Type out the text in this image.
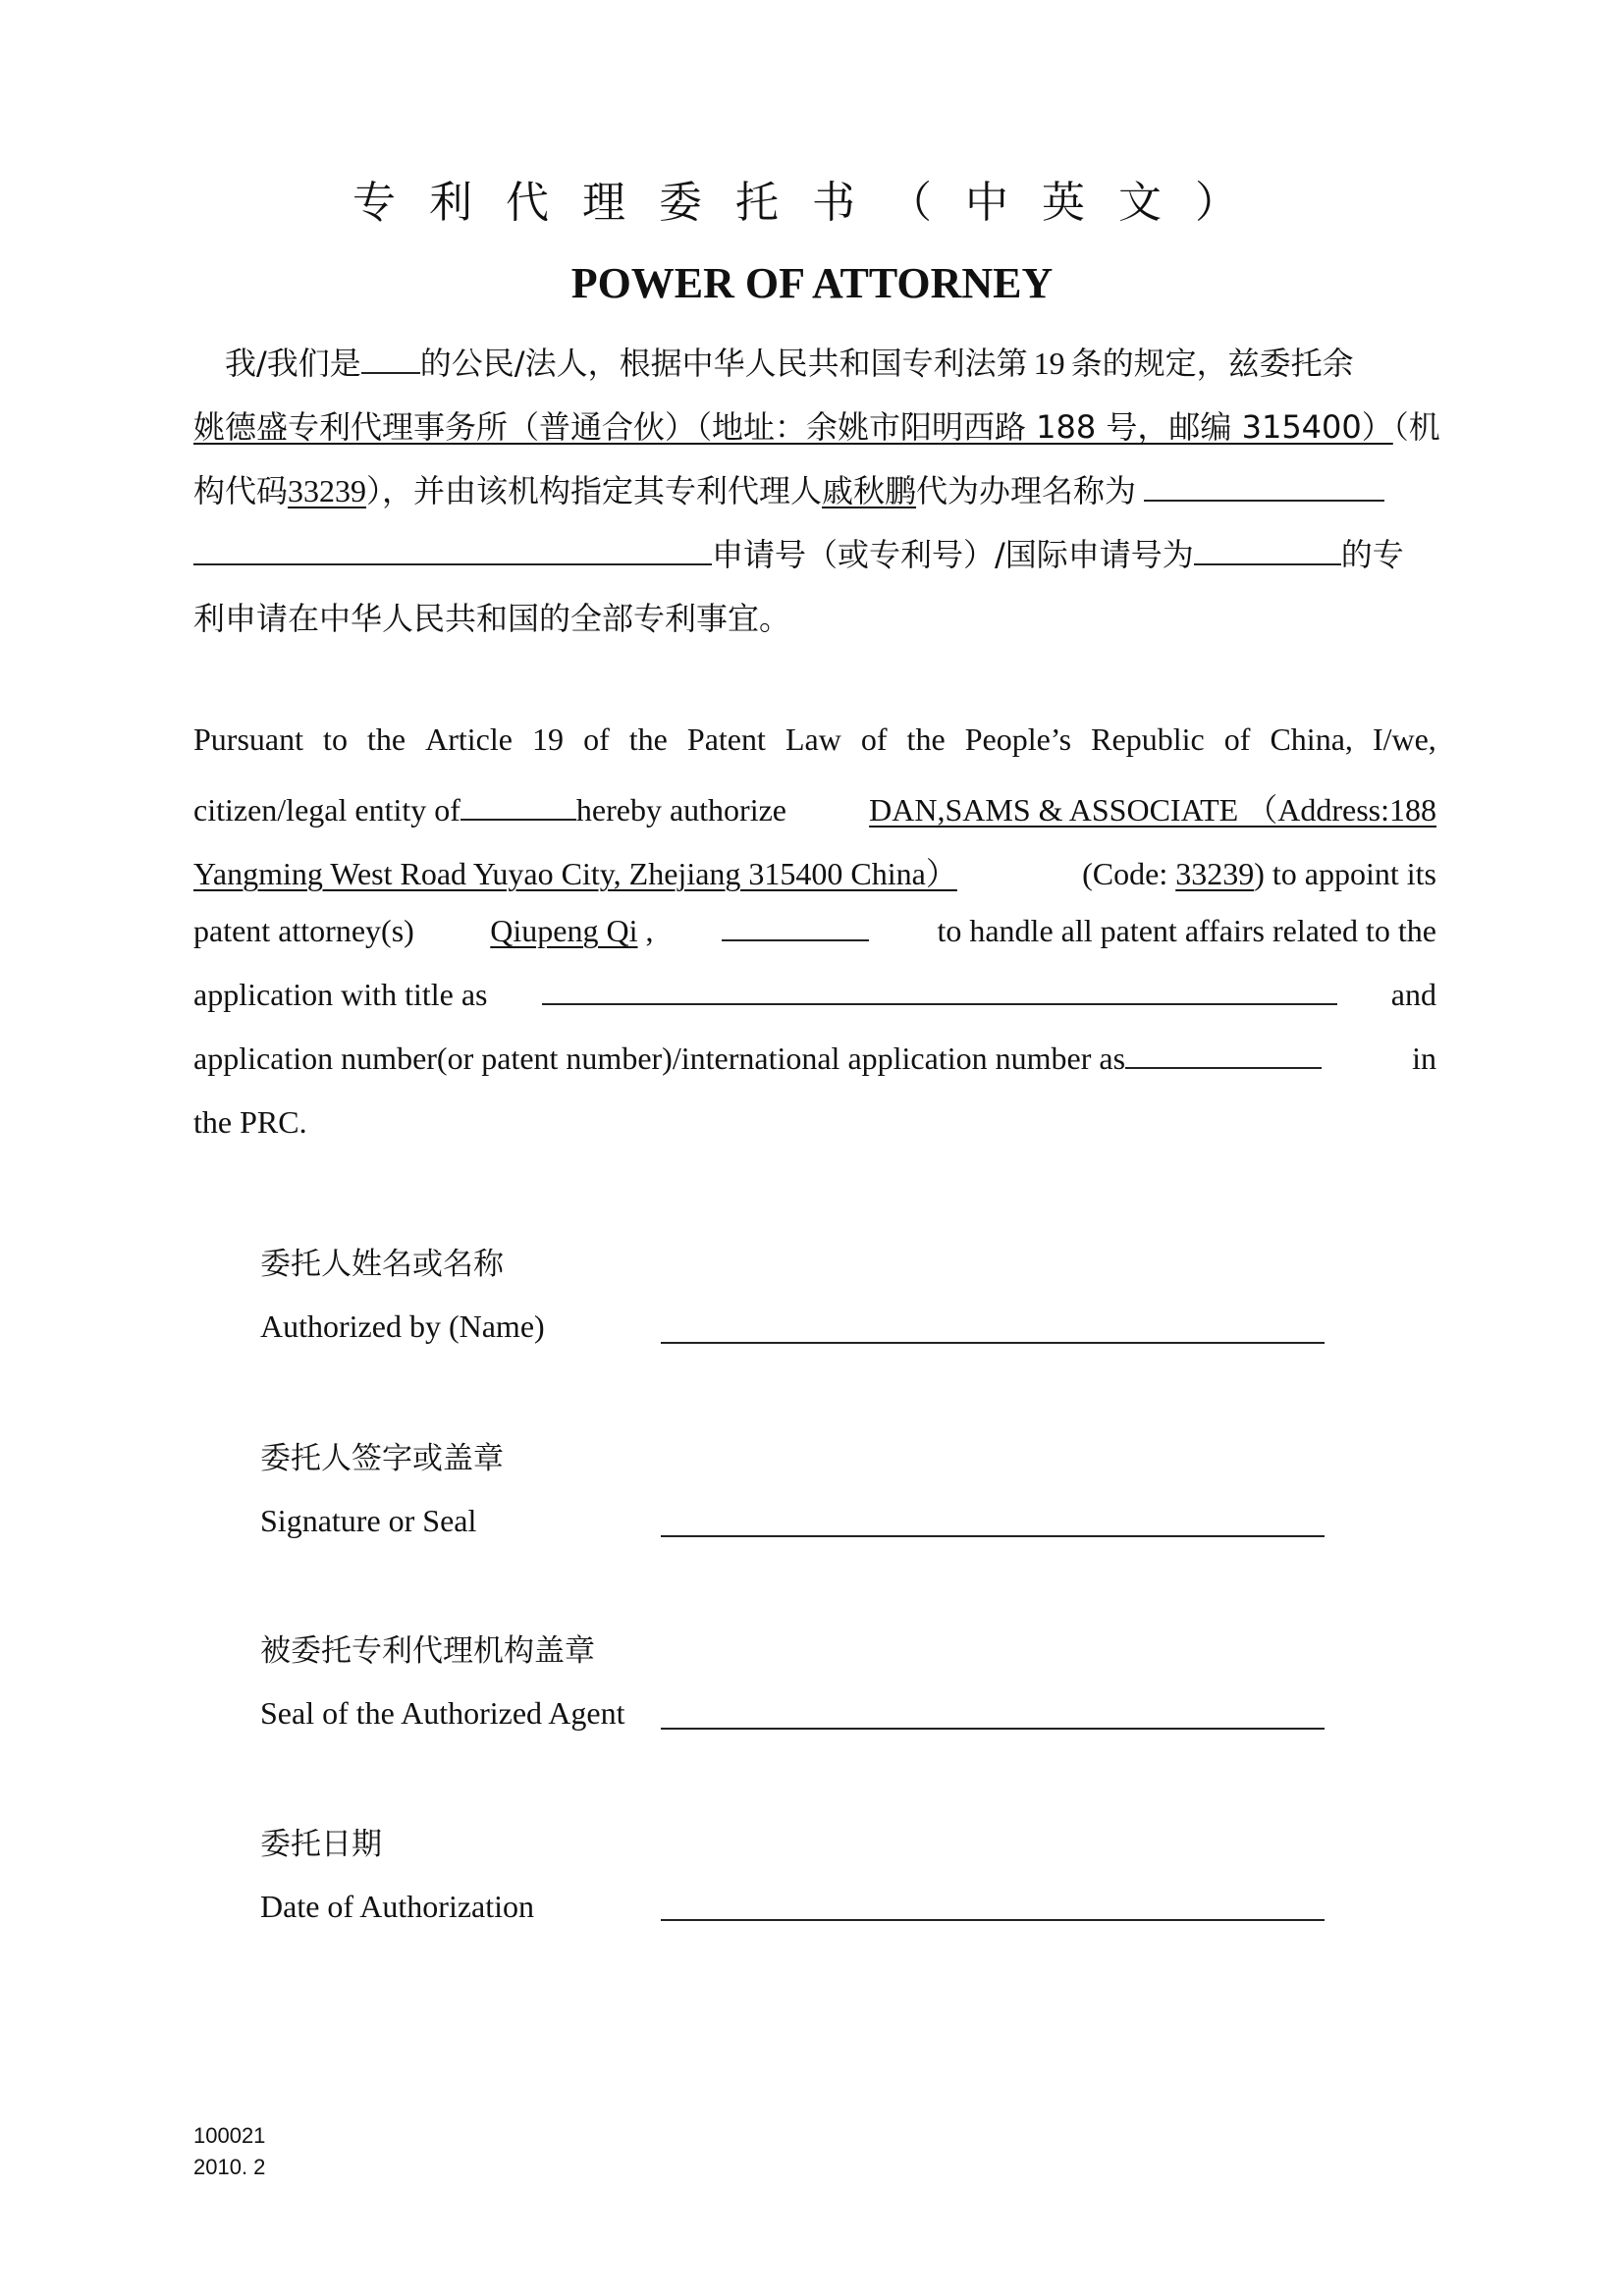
专利代理委托书（中英文）
POWER OF ATTORNEY
我/我们是 的公民/法人，根据中华人民共和国专利法第 19 条的规定，兹委托余
姚德盛专利代理事务所（普通合伙）（地址：余姚市阳明西路 188 号，邮编 315400）（机
构代码33239），并由该机构指定其专利代理人戚秋鹏代为办理名称为
申请号（或专利号）/国际申请号为	的专
利申请在中华人民共和国的全部专利事宜。
Pursuant to the Article 19 of the Patent Law of the People’s Republic of China, I/we,
citizen/legal entity of	hereby authorize	DAN,SAMS & ASSOCIATE （Address:188
Yangming West Road Yuyao City, Zhejiang 315400 China）	(Code: 33239) to appoint its
patent attorney(s) Qiupeng Qi ,	to handle all patent affairs related to the
application with title as	and
application number(or patent number)/international application number as	in
the PRC.
委托人姓名或名称
Authorized by (Name)
委托人签字或盖章
Signature or Seal
被委托专利代理机构盖章
Seal of the Authorized Agent
委托日期
Date of Authorization
100021
2010. 2
